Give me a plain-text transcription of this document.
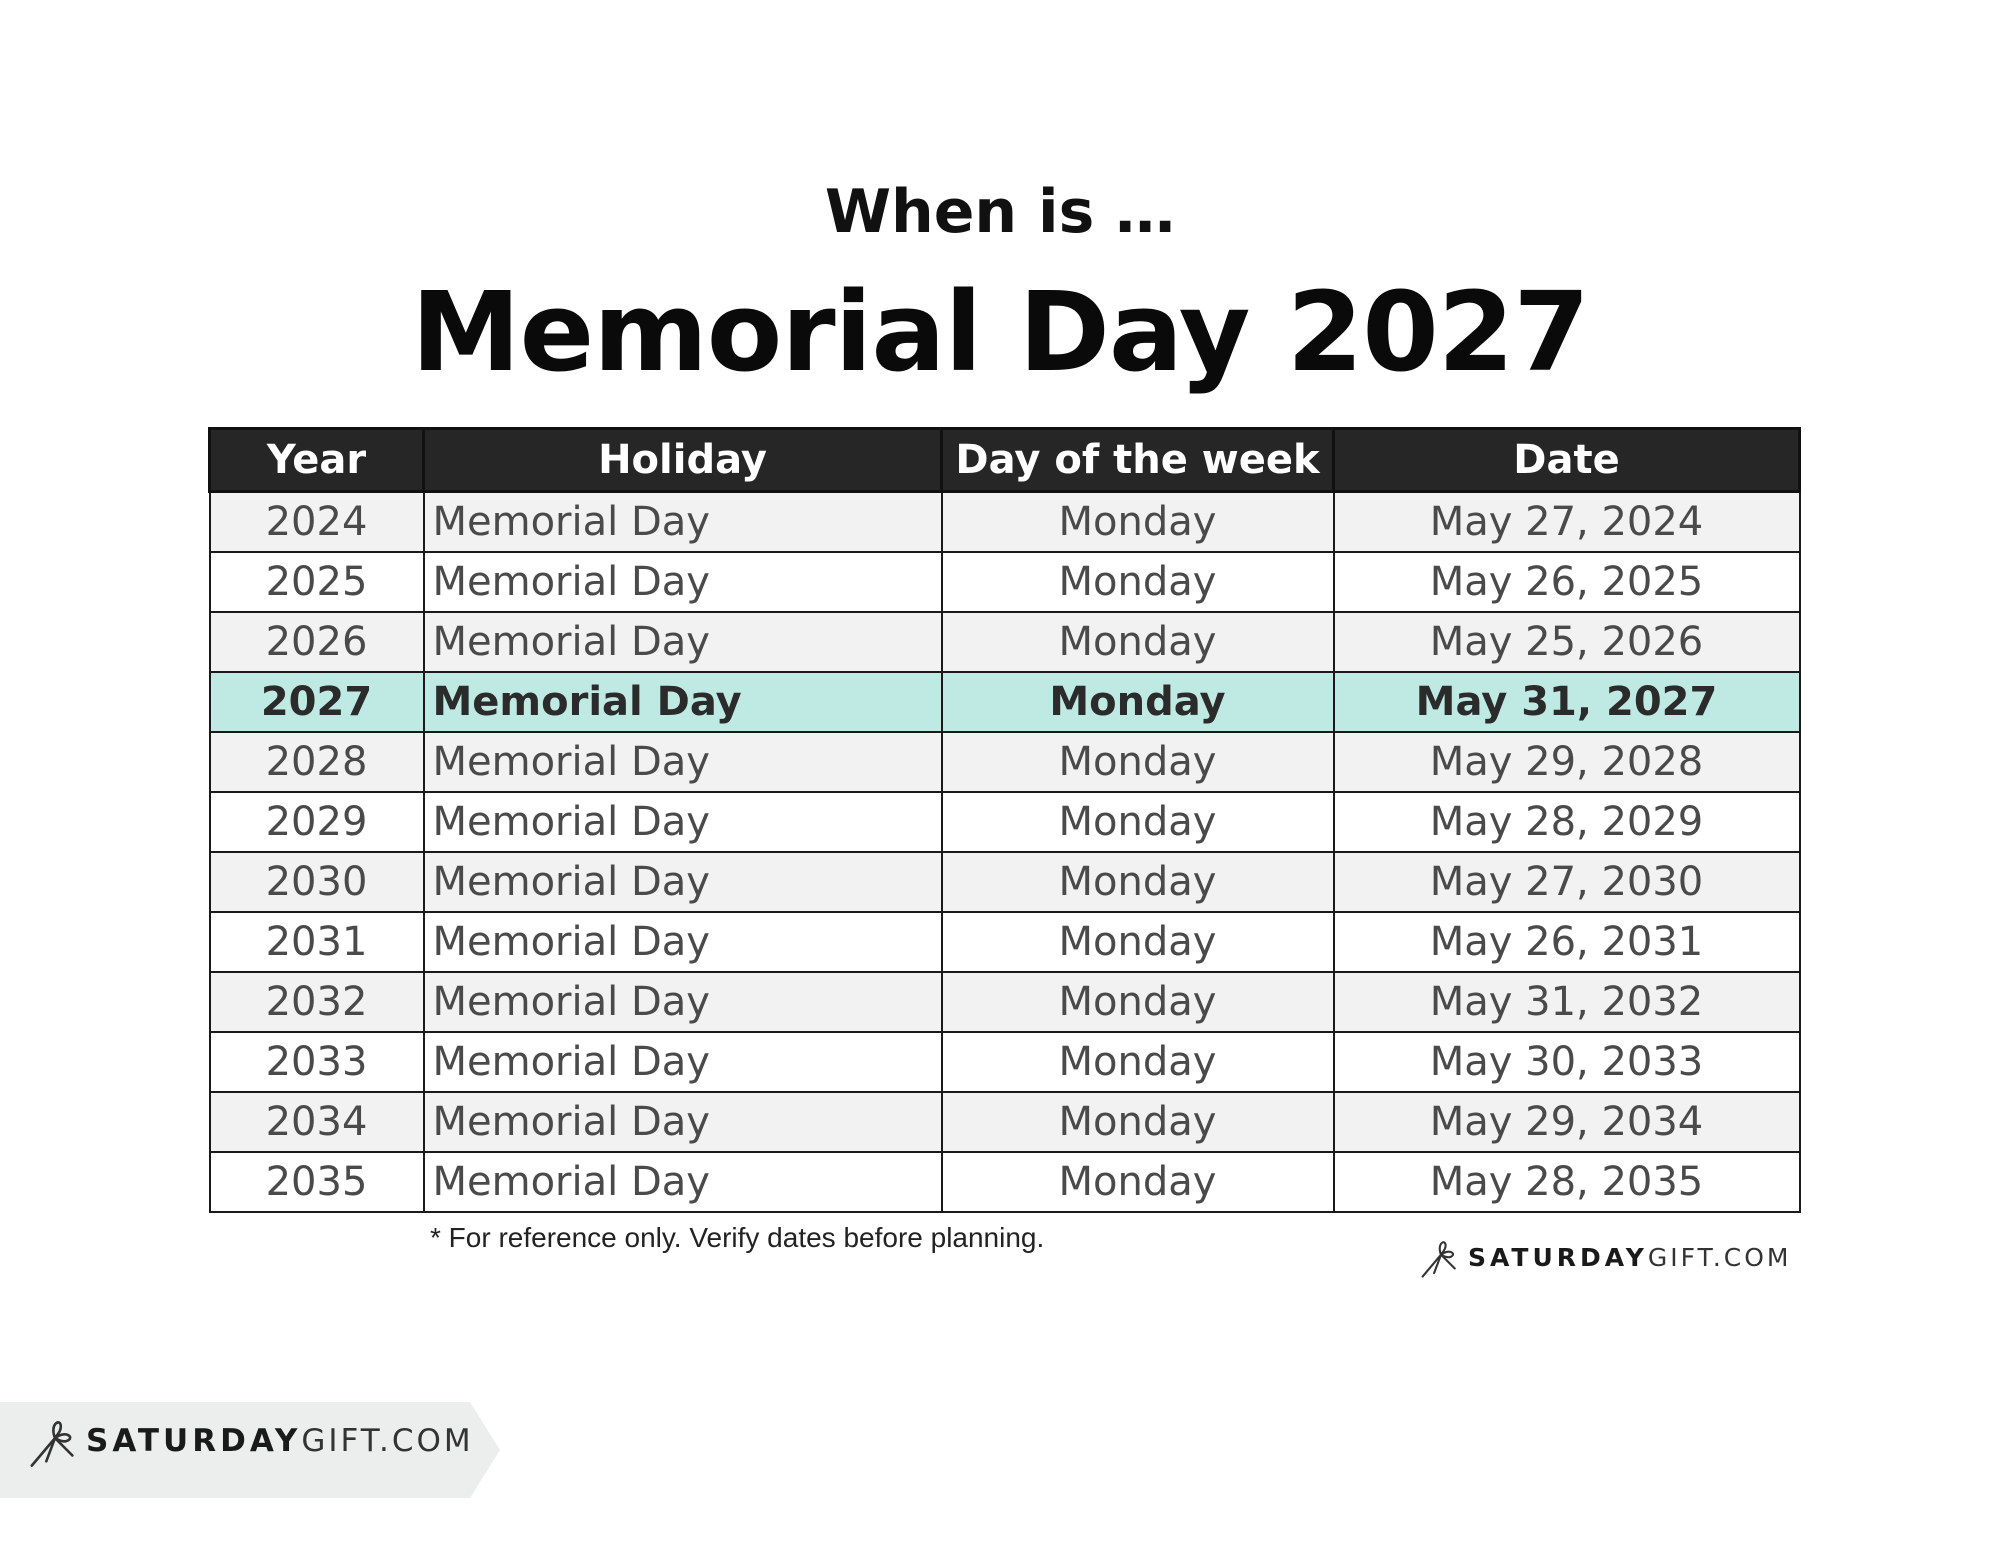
When is …
Memorial Day 2027
Year	Holiday	Day of the week	Date
2024	Memorial Day	Monday	May 27, 2024
2025	Memorial Day	Monday	May 26, 2025
2026	Memorial Day	Monday	May 25, 2026
2027	Memorial Day	Monday	May 31, 2027
2028	Memorial Day	Monday	May 29, 2028
2029	Memorial Day	Monday	May 28, 2029
2030	Memorial Day	Monday	May 27, 2030
2031	Memorial Day	Monday	May 26, 2031
2032	Memorial Day	Monday	May 31, 2032
2033	Memorial Day	Monday	May 30, 2033
2034	Memorial Day	Monday	May 29, 2034
2035	Memorial Day	Monday	May 28, 2035
* For reference only. Verify dates before planning.
SATURDAY GIFT.COM
SATURDAY GIFT.COM
